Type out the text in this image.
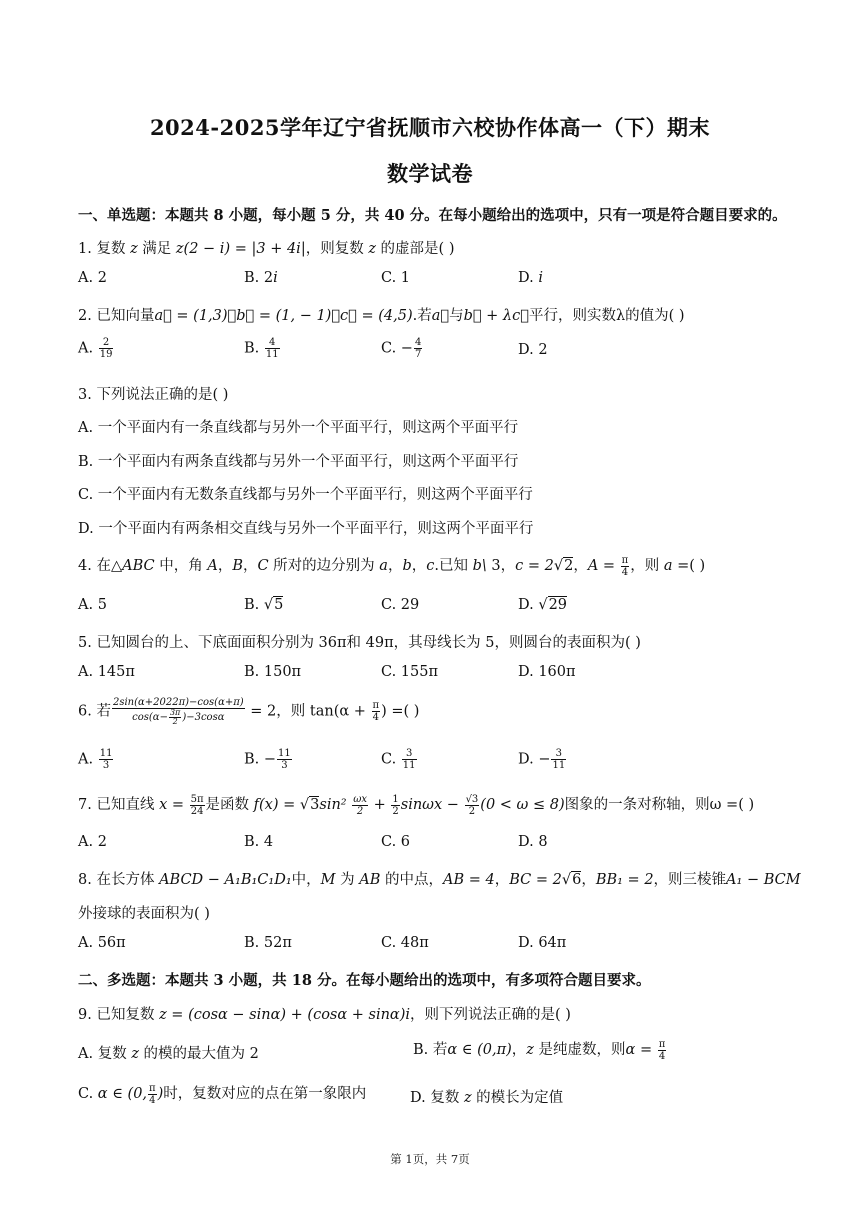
2024-2025学年辽宁省抚顺市六校协作体高一（下）期末
数学试卷
一、单选题：本题共 8 小题，每小题 5 分，共 40 分。在每小题给出的选项中，只有一项是符合题目要求的。
1. 复数 z 满足 z(2 − i) = |3 + 4i|，则复数 z 的虚部是( )
A. 2	B. 2i	C. 1	D. i
2. 已知向量a⃗ = (1,3)，b⃗ = (1, − 1)，c⃗ = (4,5).若a⃗与b⃗ + λc⃗平行，则实数λ的值为( )
A. $\frac{2}{19}$	B. $\frac{4}{11}$	C. − $\frac{4}{7}$	D. 2
3. 下列说法正确的是( )
A. 一个平面内有一条直线都与另外一个平面平行，则这两个平面平行
B. 一个平面内有两条直线都与另外一个平面平行，则这两个平面平行
C. 一个平面内有无数条直线都与另外一个平面平行，则这两个平面平行
D. 一个平面内有两条相交直线与另外一个平面平行，则这两个平面平行
4. 在△ABC 中，角 A，B，C 所对的边分别为 a，b，c.已知 b\ 3，c = 2√2，$A = \frac{\pi}{4}$ ，则 a =( )
A. 5	B. √5	C. 29	D. √29
5. 已知圆台的上、下底面面积分别为 36π和 49π，其母线长为 5，则圆台的表面积为( )
A. 145π	B. 150π	C. 155π	D. 160π
6. 若 $\frac{2\sin(\alpha+2022\pi)-\cos(\alpha+\pi)}{\cos(\alpha- \frac{3\pi}{2} )-3\cos\alpha} = 2$，则 $\tan(\alpha + \frac{\pi}{4}$ ) =( )
A. $\frac{11}{3}$	B. − $\frac{11}{3}$	C. $\frac{3}{11}$	D. − $\frac{3}{11}$
7. 已知直线 $x = \frac{5\pi}{24}$ 是函数 $f(x) = √3\sin^2 \frac{\omega x}{2} + \frac{1}{2}$ $\sin\omega x - \frac{√3}{2} (0 < \omega \le 8)$图象的一条对称轴，则ω =( )
A. 2	B. 4	C. 6	D. 8
8. 在长方体 ABCD − A₁B₁C₁D₁中，M 为 AB 的中点，AB = 4，BC = 2√6，BB₁ = 2，则三棱锥A₁ − BCM
外接球的表面积为( )
A. 56π	B. 52π	C. 48π	D. 64π
二、多选题：本题共 3 小题，共 18 分。在每小题给出的选项中，有多项符合题目要求。
9. 已知复数 z = (cosα − sinα) + (cosα + sinα)i，则下列说法正确的是( )
A. 复数 z 的模的最大值为 2	B. 若α ∈ (0,π)，z 是纯虚数，则$\alpha = \frac{\pi}{4}$
C. α ∈ (0, $\frac{\pi}{4}$ )时，复数对应的点在第一象限内	D. 复数 z 的模长为定值
第 1页，共 7页
